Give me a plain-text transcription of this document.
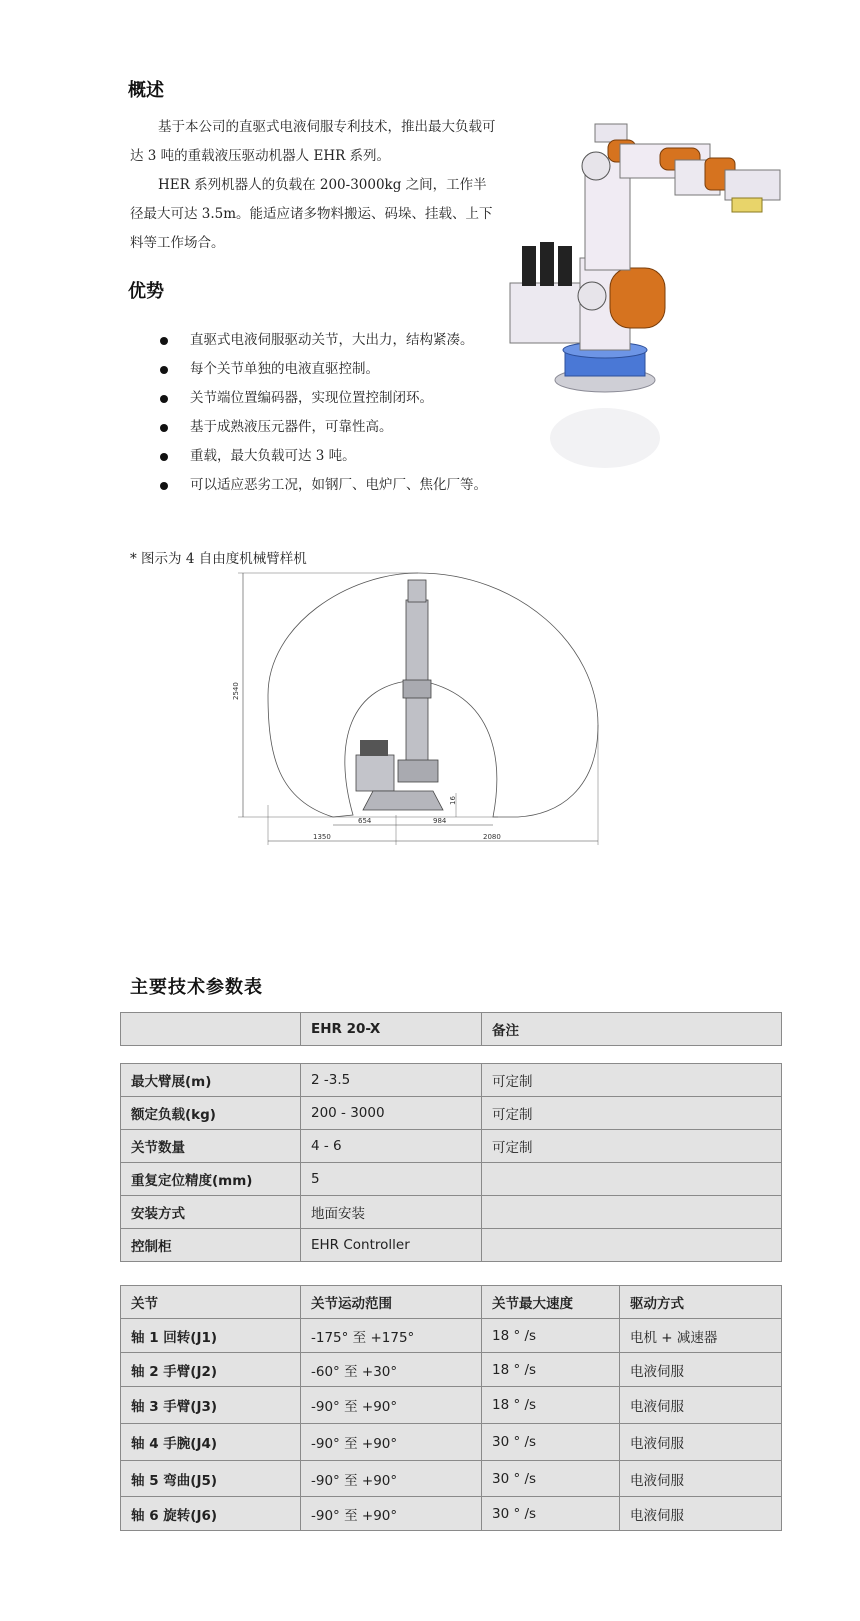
概述

基于本公司的直驱式电液伺服专利技术，推出最大负载可达 3 吨的重载液压驱动机器人 EHR 系列。

HER 系列机器人的负载在 200-3000kg 之间，工作半径最大可达 3.5m。能适应诸多物料搬运、码垛、挂载、上下料等工作场合。

优势
直驱式电液伺服驱动关节，大出力，结构紧凑。
每个关节单独的电液直驱控制。
关节端位置编码器，实现位置控制闭环。
基于成熟液压元器件，可靠性高。
重载，最大负载可达 3 吨。
可以适应恶劣工况，如钢厂、电炉厂、焦化厂等。
* 图示为 4 自由度机械臂样机
2540
16
654	984
1350	2080
主要技术参数表
	EHR 20-X	备注
最大臂展(m)	2 -3.5	可定制
额定负载(kg)	200 - 3000	可定制
关节数量	4 - 6	可定制
重复定位精度(mm)	5	
安装方式	地面安装	
控制柜	EHR Controller	
关节	关节运动范围	关节最大速度	驱动方式
轴 1 回转(J1)	-175° 至 +175°	18 ° /s	电机 + 减速器
轴 2 手臂(J2)	-60° 至 +30°	18 ° /s	电液伺服
轴 3 手臂(J3)	-90° 至 +90°	18 ° /s	电液伺服
轴 4 手腕(J4)	-90° 至 +90°	30 ° /s	电液伺服
轴 5 弯曲(J5)	-90° 至 +90°	30 ° /s	电液伺服
轴 6 旋转(J6)	-90° 至 +90°	30 ° /s	电液伺服
